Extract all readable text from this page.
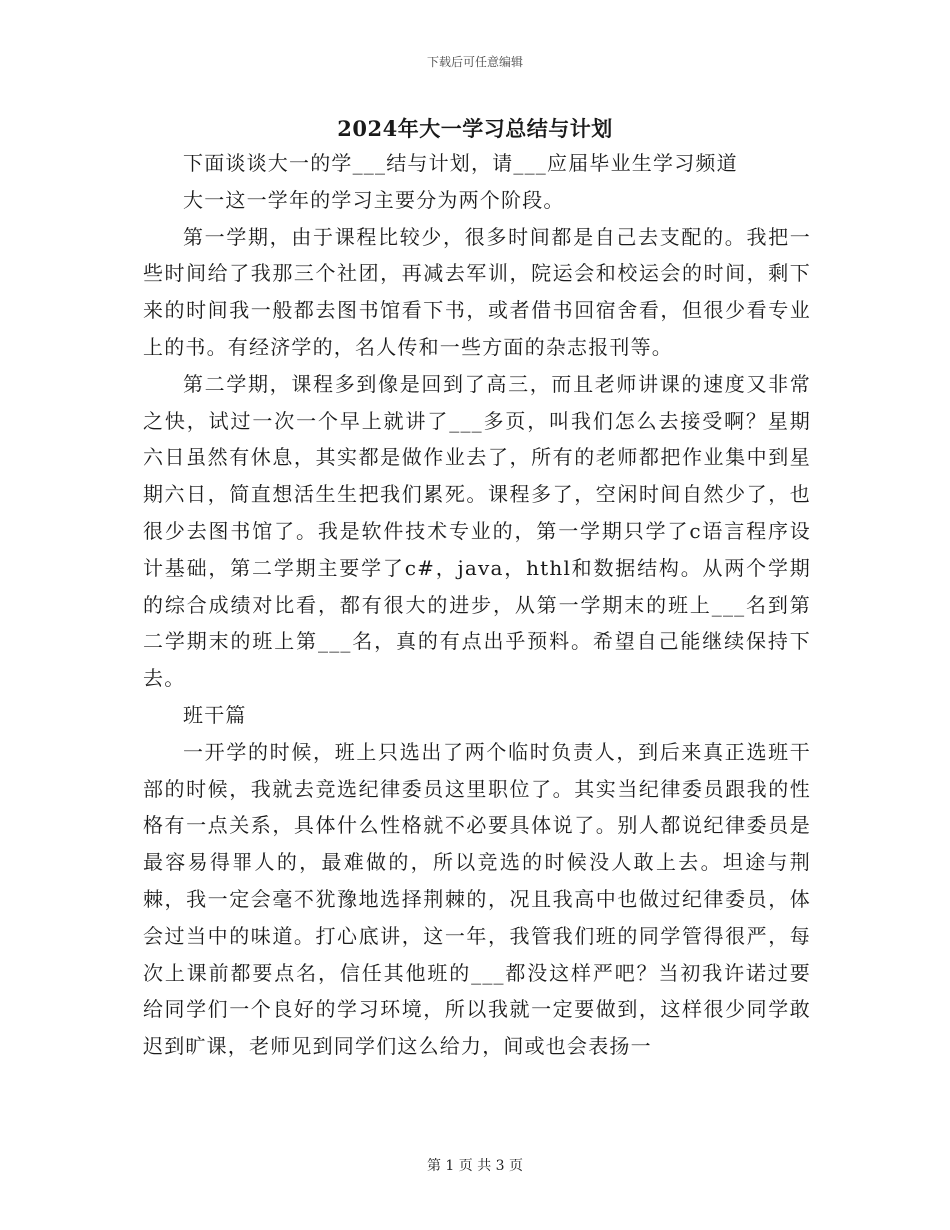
下载后可任意编辑
2024年大一学习总结与计划

下面谈谈大一的学___结与计划，请___应届毕业生学习频道

大一这一学年的学习主要分为两个阶段。

第一学期，由于课程比较少，很多时间都是自己去支配的。我把一些时间给了我那三个社团，再减去军训，院运会和校运会的时间，剩下来的时间我一般都去图书馆看下书，或者借书回宿舍看，但很少看专业上的书。有经济学的，名人传和一些方面的杂志报刊等。

第二学期，课程多到像是回到了高三，而且老师讲课的速度又非常之快，试过一次一个早上就讲了___多页，叫我们怎么去接受啊？星期六日虽然有休息，其实都是做作业去了，所有的老师都把作业集中到星期六日，简直想活生生把我们累死。课程多了，空闲时间自然少了，也很少去图书馆了。我是软件技术专业的，第一学期只学了c语言程序设计基础，第二学期主要学了c#，java，hthl和数据结构。从两个学期的综合成绩对比看，都有很大的进步，从第一学期末的班上___名到第二学期末的班上第___名，真的有点出乎预料。希望自己能继续保持下去。

班干篇

一开学的时候，班上只选出了两个临时负责人，到后来真正选班干部的时候，我就去竞选纪律委员这里职位了。其实当纪律委员跟我的性格有一点关系，具体什么性格就不必要具体说了。别人都说纪律委员是最容易得罪人的，最难做的，所以竞选的时候没人敢上去。坦途与荆棘，我一定会毫不犹豫地选择荆棘的，况且我高中也做过纪律委员，体会过当中的味道。打心底讲，这一年，我管我们班的同学管得很严，每次上课前都要点名，信任其他班的___都没这样严吧？当初我许诺过要给同学们一个良好的学习环境，所以我就一定要做到，这样很少同学敢迟到旷课，老师见到同学们这么给力，间或也会表扬一

第 1 页 共 3 页
